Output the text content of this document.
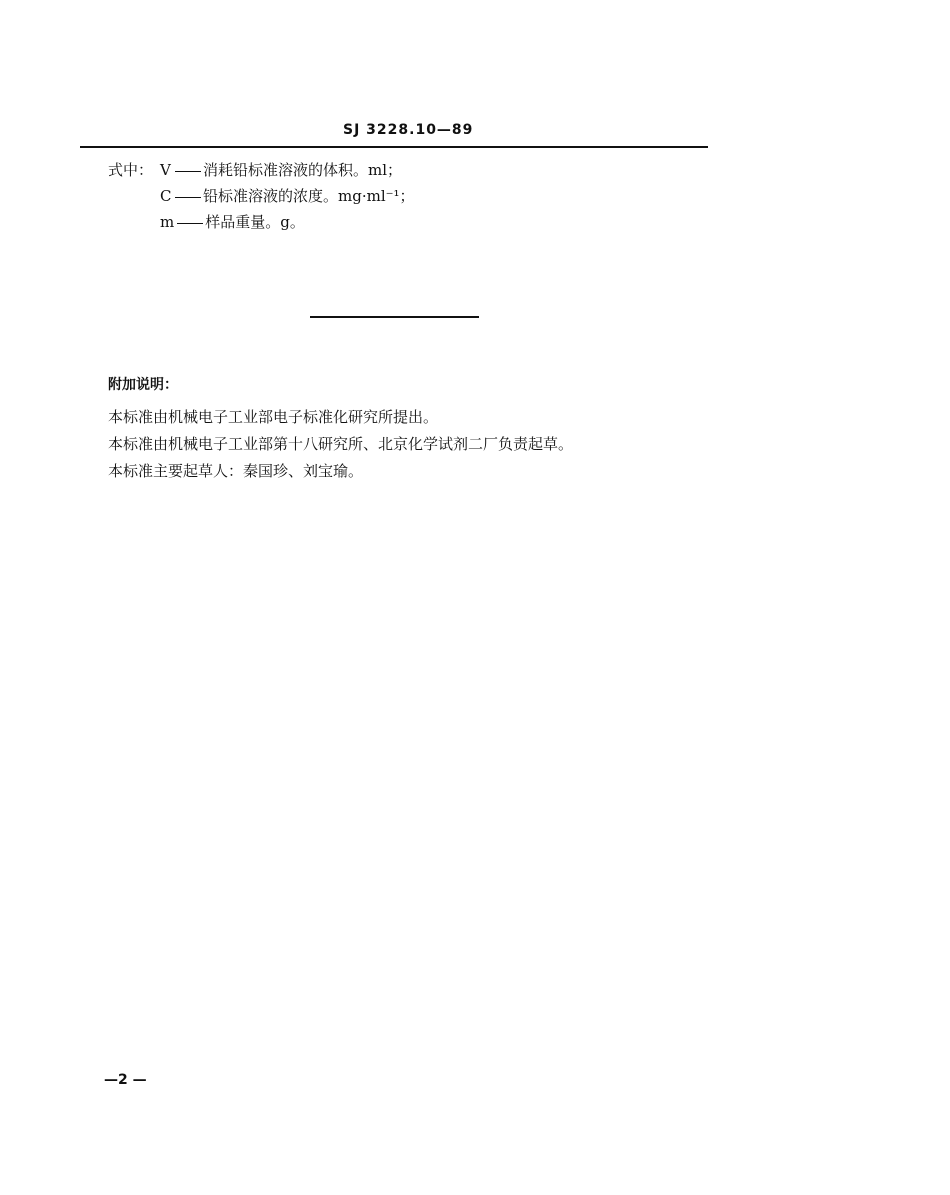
SJ 3228.10—89
式中： V 消耗铅标准溶液的体积。ml；
C 铅标准溶液的浓度。mg·ml⁻¹；
m 样品重量。g。
附加说明：
本标准由机械电子工业部电子标准化研究所提出。
本标准由机械电子工业部第十八研究所、北京化学试剂二厂负责起草。
本标准主要起草人：秦国珍、刘宝瑜。
—2 —
